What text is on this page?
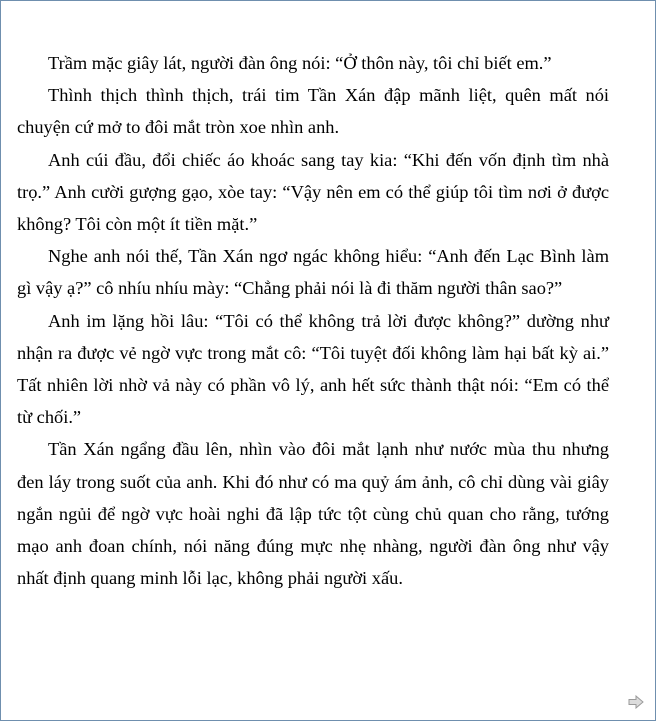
Trầm mặc giây lát, người đàn ông nói: “Ở thôn này, tôi chỉ biết em.”

Thình thịch thình thịch, trái tim Tần Xán đập mãnh liệt, quên mất nói chuyện cứ mở to đôi mắt tròn xoe nhìn anh.

Anh cúi đầu, đổi chiếc áo khoác sang tay kia: “Khi đến vốn định tìm nhà trọ.” Anh cười gượng gạo, xòe tay: “Vậy nên em có thể giúp tôi tìm nơi ở được không? Tôi còn một ít tiền mặt.”

Nghe anh nói thế, Tần Xán ngơ ngác không hiểu: “Anh đến Lạc Bình làm gì vậy ạ?” cô nhíu nhíu mày: “Chẳng phải nói là đi thăm người thân sao?”

Anh im lặng hồi lâu: “Tôi có thể không trả lời được không?” dường như nhận ra được vẻ ngờ vực trong mắt cô: “Tôi tuyệt đối không làm hại bất kỳ ai.” Tất nhiên lời nhờ vả này có phần vô lý, anh hết sức thành thật nói: “Em có thể từ chối.”

Tần Xán ngẩng đầu lên, nhìn vào đôi mắt lạnh như nước mùa thu nhưng đen láy trong suốt của anh. Khi đó như có ma quỷ ám ảnh, cô chỉ dùng vài giây ngắn ngủi để ngờ vực hoài nghi đã lập tức tột cùng chủ quan cho rằng, tướng mạo anh đoan chính, nói năng đúng mực nhẹ nhàng, người đàn ông như vậy nhất định quang minh lỗi lạc, không phải người xấu.
